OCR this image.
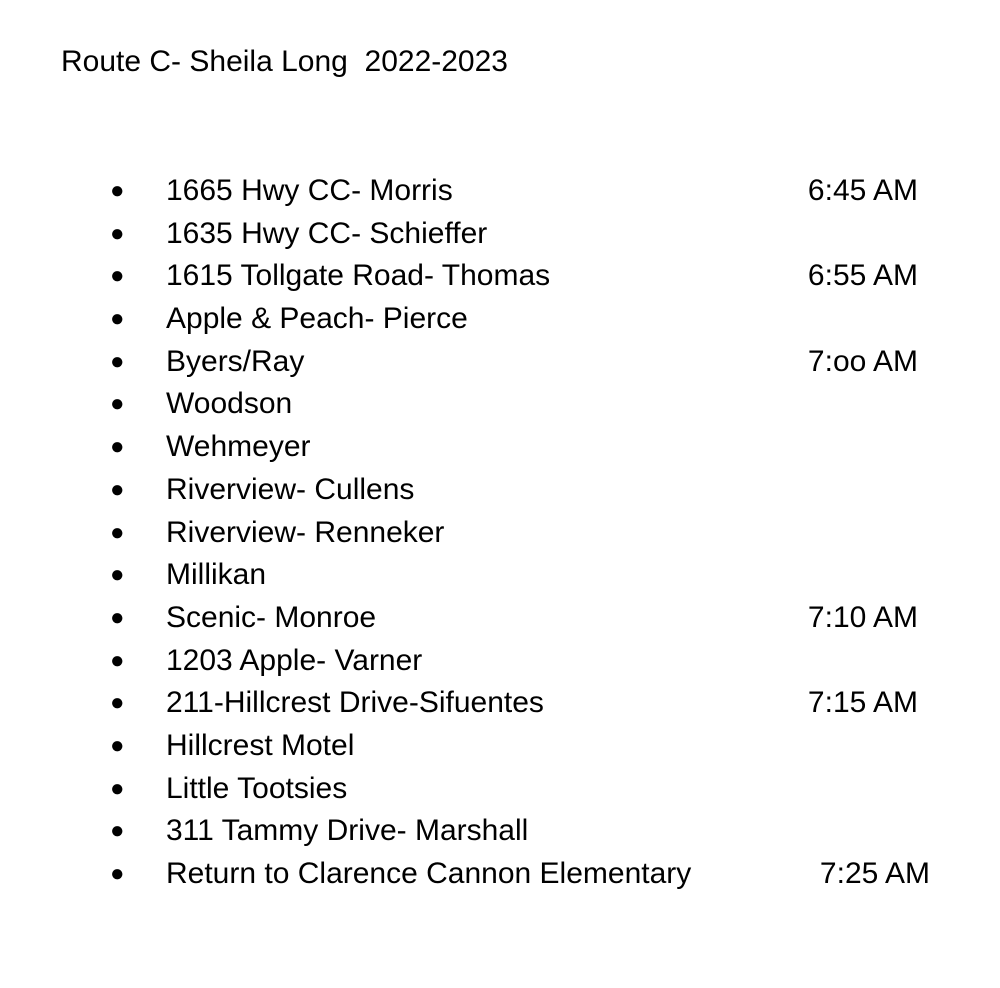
Route C- Sheila Long  2022-2023
● 1665 Hwy CC- Morris	6:45 AM
● 1635 Hwy CC- Schieffer
● 1615 Tollgate Road- Thomas	6:55 AM
● Apple & Peach- Pierce
● Byers/Ray	7:oo AM
● Woodson
● Wehmeyer
● Riverview- Cullens
● Riverview- Renneker
● Millikan
● Scenic- Monroe	7:10 AM
● 1203 Apple- Varner
● 211-Hillcrest Drive-Sifuentes	7:15 AM
● Hillcrest Motel
● Little Tootsies
● 311 Tammy Drive- Marshall
● Return to Clarence Cannon Elementary	7:25 AM
